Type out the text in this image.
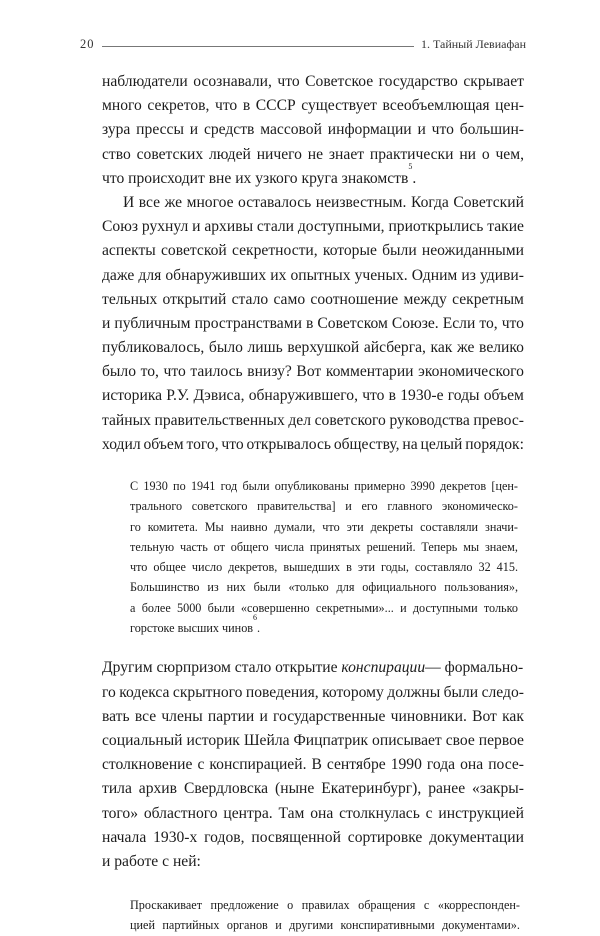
20	1. Тайный Левиафан
наблюдатели осознавали, что Советское государство скрывает
много секретов, что в СССР существует всеобъемлющая цен-
зура прессы и средств массовой информации и что большин-
ство советских людей ничего не знает практически ни о чем,
что происходит вне их узкого круга знакомств
5
.
И все же многое оставалось неизвестным. Когда Советский
Союз рухнул и архивы стали доступными, приоткрылись такие
аспекты советской секретности, которые были неожиданными
даже для обнаруживших их опытных ученых. Одним из удиви-
тельных открытий стало само соотношение между секретным
и публичным пространствами в Советском Союзе. Если то, что
публиковалось, было лишь верхушкой айсберга, как же велико
было то, что таилось внизу? Вот комментарии экономического
историка Р.У. Дэвиса, обнаружившего, что в 1930-е годы объем
тайных правительственных дел советского руководства превос-
ходил объем того, что открывалось обществу, на целый порядок:
С 1930 по 1941 год были опубликованы примерно 3990 декретов [цен-
трального советского правительства] и его главного экономическо-
го комитета. Мы наивно думали, что эти декреты составляли значи-
тельную часть от общего числа принятых решений. Теперь мы знаем,
что общее число декретов, вышедших в эти годы, составляло 32 415.
Большинство из них были «только для официального пользования»,
а более 5000 были «совершенно секретными»... и доступными только
горстоке высших чинов
6
.
Другим сюрпризом стало открытие конспирации— формально-
го кодекса скрытного поведения, которому должны были следо-
вать все члены партии и государственные чиновники. Вот как
социальный историк Шейла Фицпатрик описывает свое первое
столкновение с конспирацией. В сентябре 1990 года она посе-
тила архив Свердловска (ныне Екатеринбург), ранее «закры-
того» областного центра. Там она столкнулась с инструкцией
начала 1930-х годов, посвященной сортировке документации
и работе с ней:
Проскакивает предложение о правилах обращения с «корреспонден-
цией партийных органов и другими конспиративными документами».
